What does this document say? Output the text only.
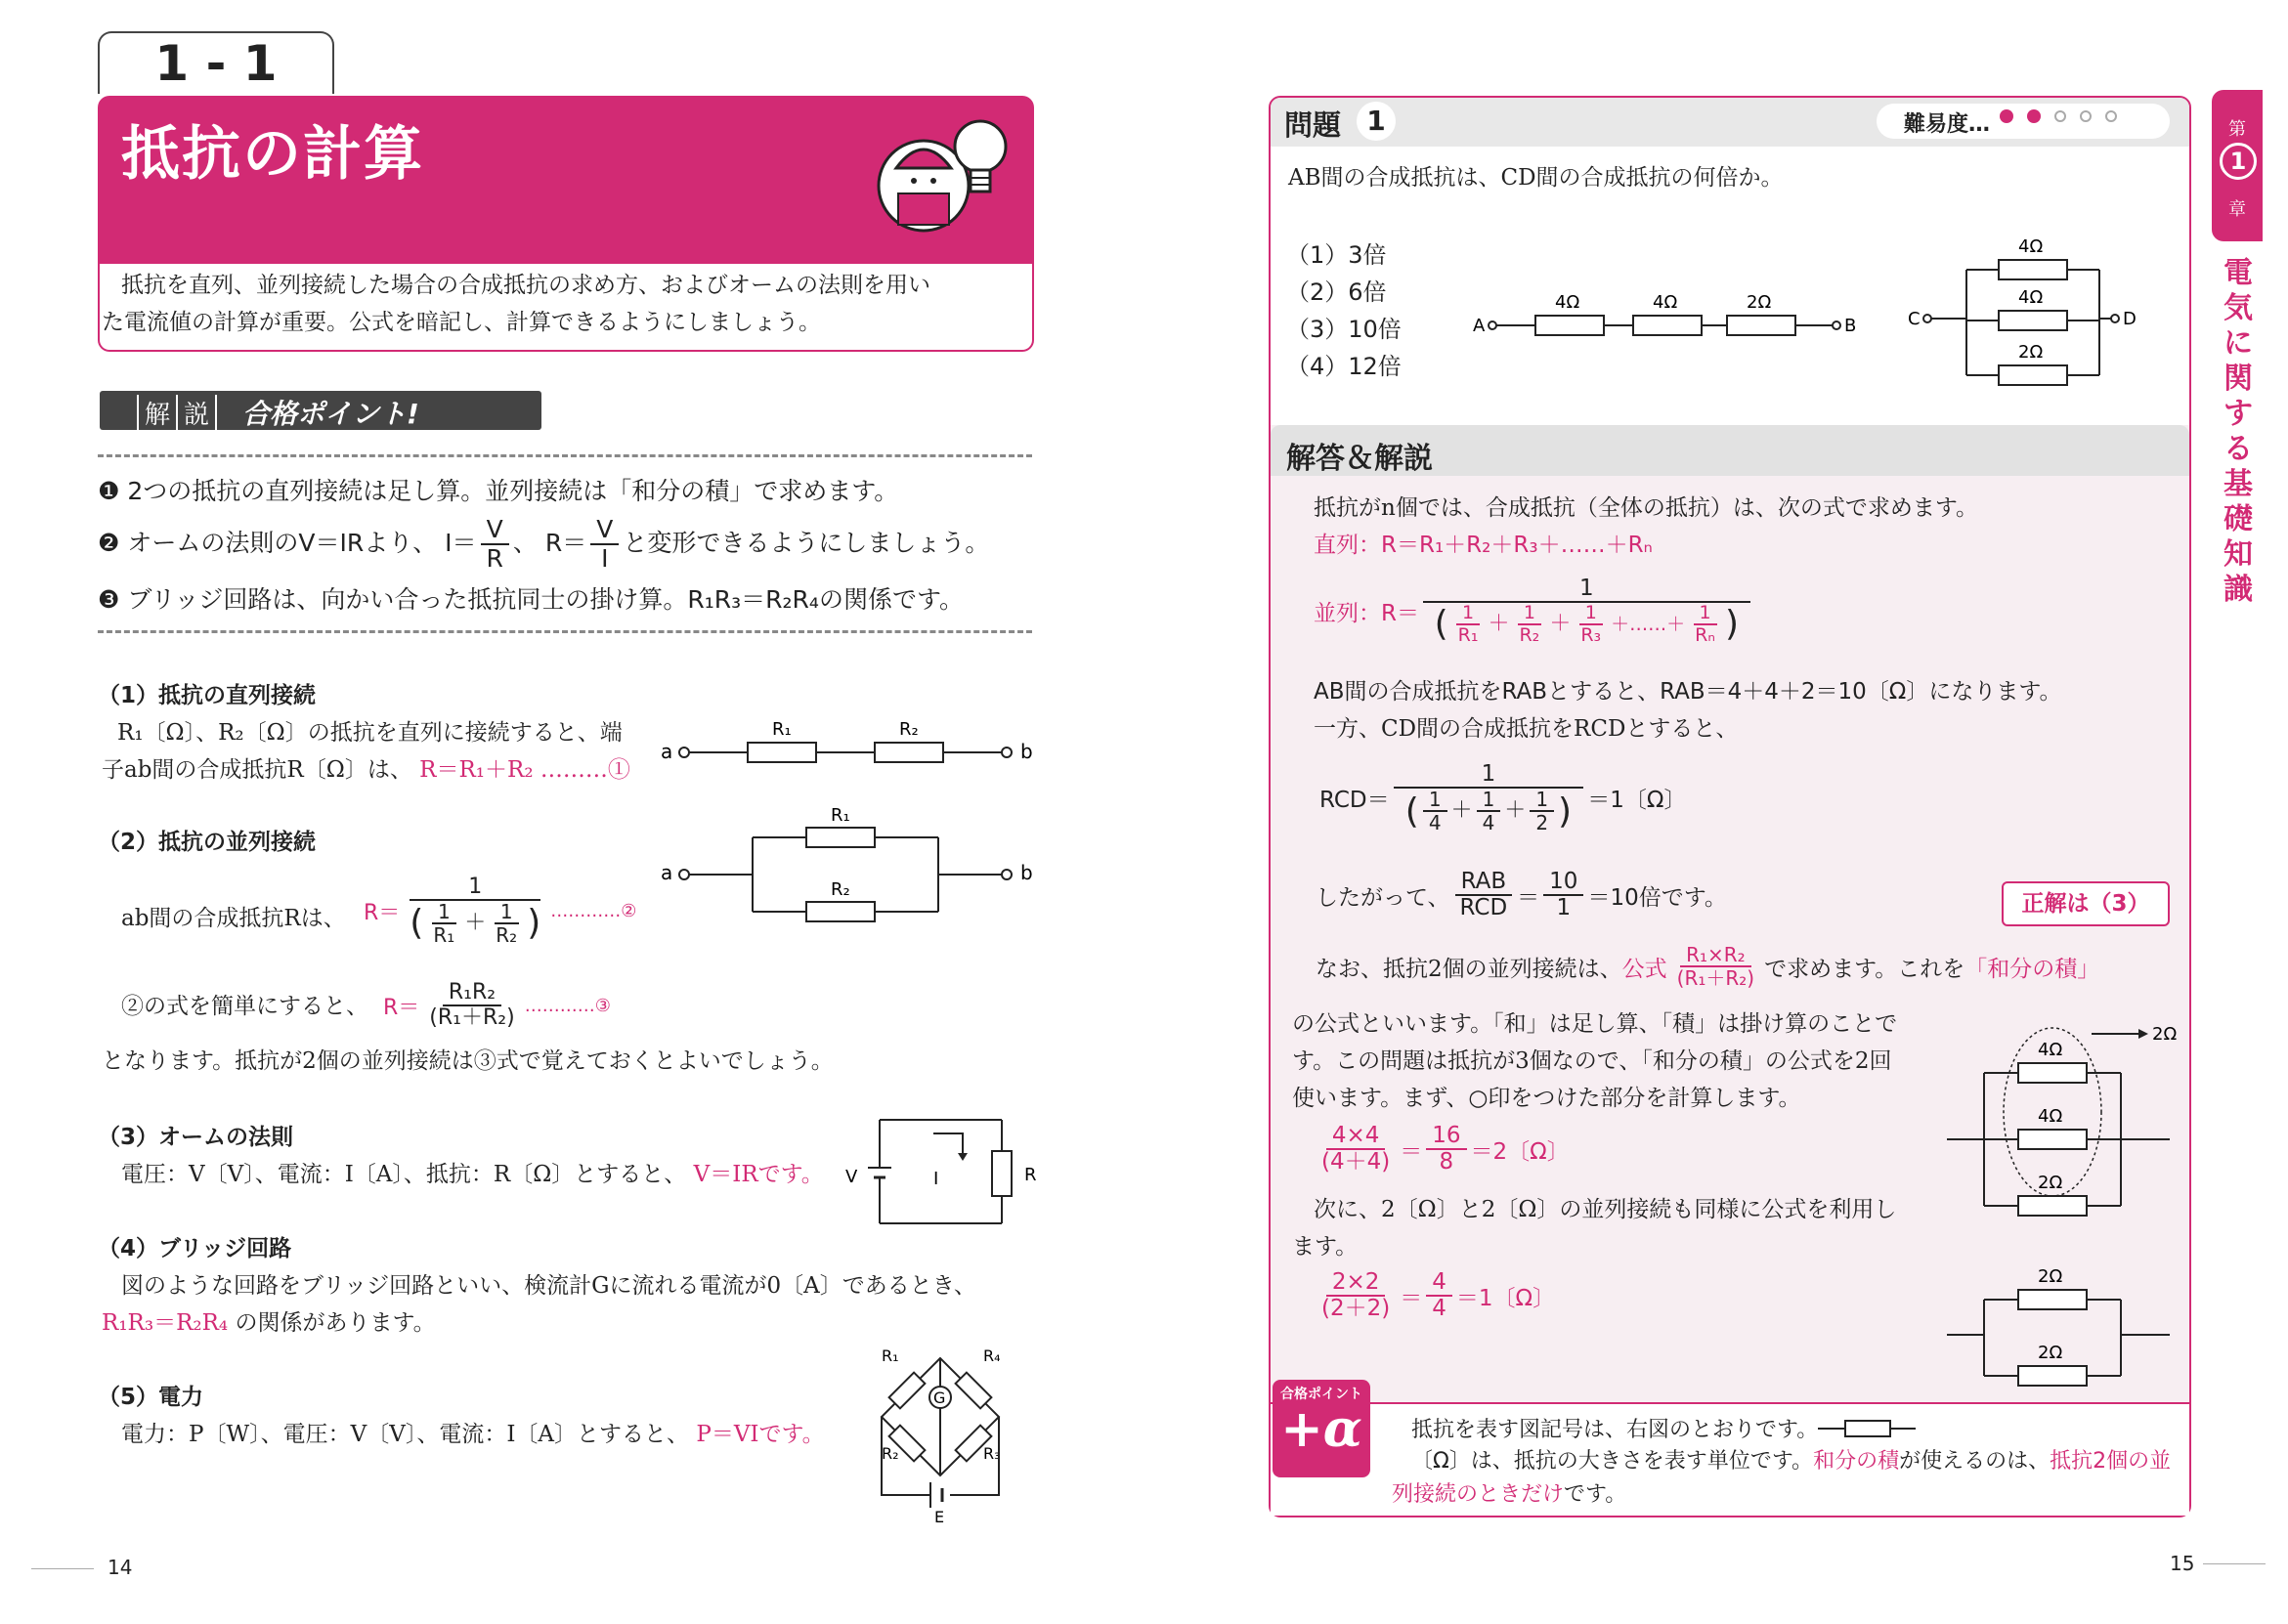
1 - 1
抵抗の計算
抵抗を直列、並列接続した場合の合成抵抗の求め方、およびオームの法則を用い
た電流値の計算が重要。公式を暗記し、計算できるようにしましょう。
解 説 合格ポイント!
❶ 2つの抵抗の直列接続は足し算。並列接続は「和分の積」で求めます。
❷
オームの法則のV＝IRより、 $I= \frac{V}{R}$ 、 $R= \frac{V}{I}$ と変形できるようにしましょう。
❸ ブリッジ回路は、向かい合った抵抗同士の掛け算。R₁R₃＝R₂R₄の関係です。
（1）抵抗の直列接続
R₁〔Ω〕、R₂〔Ω〕の抵抗を直列に接続すると、端
子ab間の合成抵抗R〔Ω〕は、 R＝R₁＋R₂ ………①
a
R₁	R₂
b
（2）抵抗の並列接続
ab間の合成抵抗Rは、 $R= \frac{1}{( \frac{1}{\text{R₁}} + \frac{1}{\text{R₂}} )}$ …………②
②の式を簡単にすると、 $R= \frac{\text{R₁R₂}}{\text{(R₁＋R₂)}}$ …………③
となります。抵抗が2個の並列接続は③式で覚えておくとよいでしょう。
a
R₁
R₂
b
（3）オームの法則
電圧：V〔V〕、電流：I〔A〕、抵抗：R〔Ω〕とすると、 V＝IRです。 V	R
I
（4）ブリッジ回路
図のような回路をブリッジ回路といい、検流計Gに流れる電流が0〔A〕であるとき、
R₁R₃＝R₂R₄ の関係があります。
G
R₁	R₄
R₂	R₃
E
（5）電力
電力：P〔W〕、電圧：V〔V〕、電流：I〔A〕とすると、 P＝VIです。
14
問題 1	難易度…
AB間の合成抵抗は、CD間の合成抵抗の何倍か。
（1）3倍
（2）6倍
（3）10倍
（4）12倍
A
4Ω	4Ω	2Ω
B	C
4Ω
4Ω
2Ω
D
解答＆解説
抵抗がn個では、合成抵抗（全体の抵抗）は、次の式で求めます。
直列：R＝R₁＋R₂＋R₃＋……＋Rₙ
並列：$R= \frac{1}{( \frac{1}{\text{R₁}} + \frac{1}{\text{R₂}} + \frac{1}{\text{R₃}} +\dots\dots+ \frac{1}{\text{Rₙ}} )}$
AB間の合成抵抗をRABとすると、RAB＝4＋4＋2＝10〔Ω〕になります。
一方、CD間の合成抵抗をRCDとすると、
$RCD= \frac{1}{( \frac{1}{4} + \frac{1}{4} + \frac{1}{2} )} =1$〔Ω〕
したがって、 $\frac{\text{RAB}}{\text{RCD}} = \frac{10}{1} =10$倍です。	正解は（3）
なお、抵抗2個の並列接続は、 公式 $\frac{\text{R₁×R₂}}{\text{(R₁＋R₂)}}$ で求めます。これを 「和分の積」
の公式といいます。「和」は足し算、「積」は掛け算のことで
す。この問題は抵抗が3個なので、「和分の積」の公式を2回
使います。まず、○印をつけた部分を計算します。
$\frac{4\times 4}{(4+4)} = \frac{16}{8} =2$〔Ω〕
次に、2〔Ω〕と2〔Ω〕の並列接続も同様に公式を利用し
ます。
$\frac{2\times 2}{(2+2)} = \frac{4}{4} =1$〔Ω〕
2Ω
4Ω
4Ω
2Ω
2Ω
2Ω
合格ポイント
+α 抵抗を表す図記号は、右図のとおりです。
〔Ω〕は、抵抗の大きさを表す単位です。和分の積が使えるのは、抵抗2個の並
列接続のときだけです。
第
1
章
電
気
に
関
す
る
基
礎
知
識
15
